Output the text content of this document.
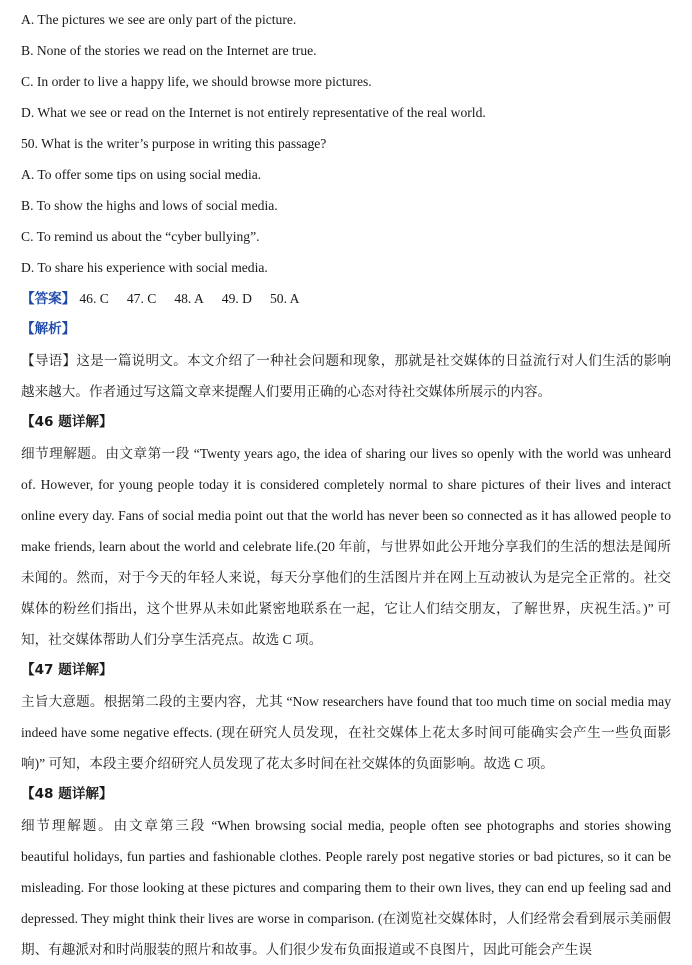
A. The pictures we see are only part of the picture.
B. None of the stories we read on the Internet are true.
C. In order to live a happy life, we should browse more pictures.
D. What we see or read on the Internet is not entirely representative of the real world.
50. What is the writer’s purpose in writing this passage?
A. To offer some tips on using social media.
B. To show the highs and lows of social media.
C. To remind us about the “cyber bullying”.
D. To share his experience with social media.
【答案】 46. C 47. C 48. A 49. D 50. A
【解析】
【导语】这是一篇说明文。本文介绍了一种社会问题和现象，那就是社交媒体的日益流行对人们生活的影响越来越大。作者通过写这篇文章来提醒人们要用正确的心态对待社交媒体所展示的内容。
【46 题详解】
细节理解题。由文章第一段 “Twenty years ago, the idea of sharing our lives so openly with the world was unheard of. However, for young people today it is considered completely normal to share pictures of their lives and interact online every day. Fans of social media point out that the world has never been so connected as it has allowed people to make friends, learn about the world and celebrate life.(20 年前，与世界如此公开地分享我们的生活的想法是闻所未闻的。然而，对于今天的年轻人来说，每天分享他们的生活图片并在网上互动被认为是完全正常的。社交媒体的粉丝们指出，这个世界从未如此紧密地联系在一起，它让人们结交朋友，了解世界，庆祝生活。)” 可知，社交媒体帮助人们分享生活亮点。故选 C 项。
【47 题详解】
主旨大意题。根据第二段的主要内容，尤其 “Now researchers have found that too much time on social media may indeed have some negative effects. (现在研究人员发现，在社交媒体上花太多时间可能确实会产生一些负面影响)” 可知，本段主要介绍研究人员发现了花太多时间在社交媒体的负面影响。故选 C 项。
【48 题详解】
细节理解题。由文章第三段 “When browsing social media, people often see photographs and stories showing beautiful holidays, fun parties and fashionable clothes. People rarely post negative stories or bad pictures, so it can be misleading. For those looking at these pictures and comparing them to their own lives, they can end up feeling sad and depressed. They might think their lives are worse in comparison. (在浏览社交媒体时，人们经常会看到展示美丽假期、有趣派对和时尚服装的照片和故事。人们很少发布负面报道或不良图片，因此可能会产生误
